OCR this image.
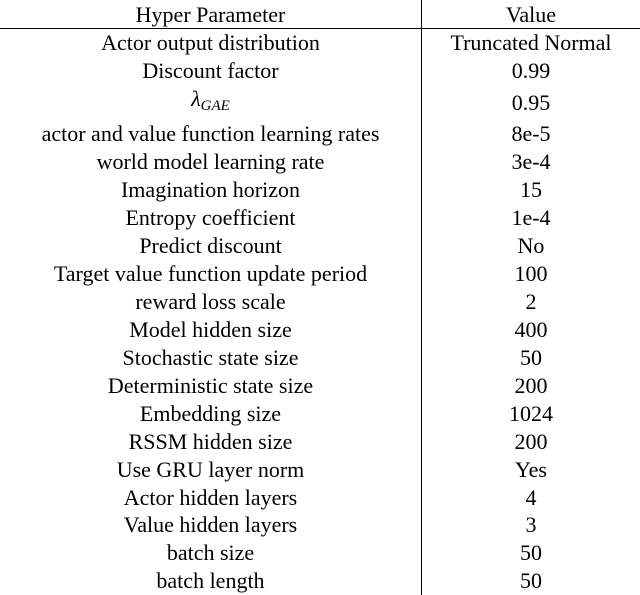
Hyper Parameter	Value
Actor output distribution	Truncated Normal
Discount factor	0.99
$\lambda_{GAE}$	0.95
actor and value function learning rates	8e-5
world model learning rate	3e-4
Imagination horizon	15
Entropy coefficient	1e-4
Predict discount	No
Target value function update period	100
reward loss scale	2
Model hidden size	400
Stochastic state size	50
Deterministic state size	200
Embedding size	1024
RSSM hidden size	200
Use GRU layer norm	Yes
Actor hidden layers	4
Value hidden layers	3
batch size	50
batch length	50
